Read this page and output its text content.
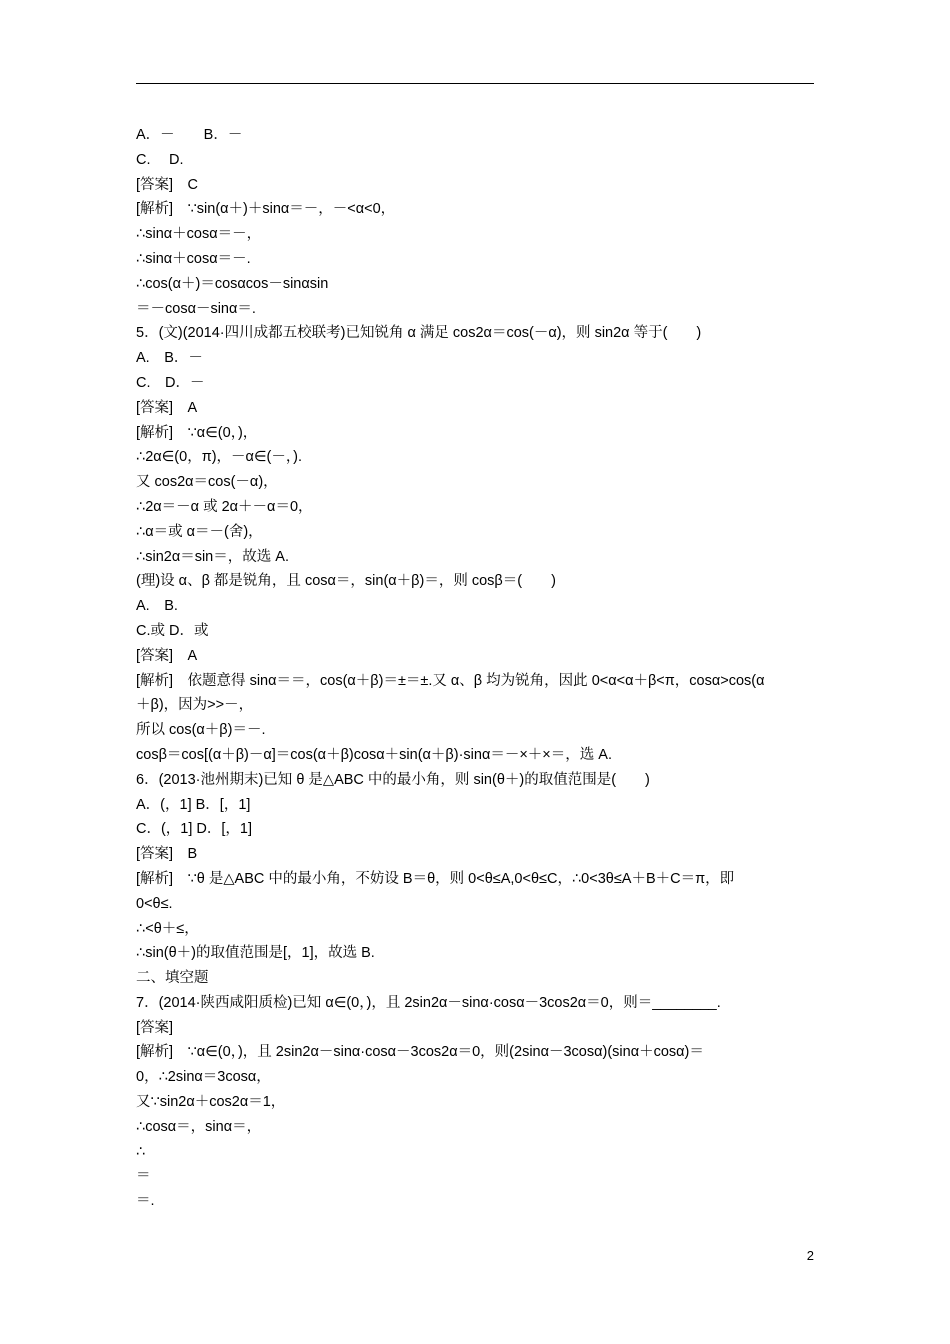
A．－　　B．－

C.　 D.

[答案]　C

[解析]　∵sin(α＋)＋sinα＝－，－<α<0，

∴sinα＋cosα＝－，

∴sinα＋cosα＝－.

∴cos(α＋)＝cosαcos－sinαsin

＝－cosα－sinα＝.

5．(文)(2014·四川成都五校联考)已知锐角 α 满足 cos2α＝cos(－α)，则 sin2α 等于(　　)

A.　B．－

C.　D．－

[答案]　A

[解析]　∵α∈(0，)，

∴2α∈(0，π)，－α∈(－，).

又 cos2α＝cos(－α)，

∴2α＝－α 或 2α＋－α＝0，

∴α＝或 α＝－(舍)，

∴sin2α＝sin＝，故选 A.

(理)设 α、β 都是锐角，且 cosα＝，sin(α＋β)＝，则 cosβ＝(　　)

A.　B.

C.或 D．或

[答案]　A

[解析]　依题意得 sinα＝＝，cos(α＋β)＝±＝±.又 α、β 均为锐角，因此 0<α<α＋β<π，cosα>cos(α

＋β)，因为>>－，

所以 cos(α＋β)＝－.

cosβ＝cos[(α＋β)－α]＝cos(α＋β)cosα＋sin(α＋β)·sinα＝－×＋×＝，选 A.

6．(2013·池州期末)已知 θ 是△ABC 中的最小角，则 sin(θ＋)的取值范围是(　　)

A．(，1] B．[，1]

C．(，1] D．[，1]

[答案]　B

[解析]　∵θ 是△ABC 中的最小角，不妨设 B＝θ，则 0<θ≤A,0<θ≤C，∴0<3θ≤A＋B＋C＝π，即

0<θ≤.

∴<θ＋≤，

∴sin(θ＋)的取值范围是[，1]，故选 B.

二、填空题

7．(2014·陕西咸阳质检)已知 α∈(0，)，且 2sin2α－sinα·cosα－3cos2α＝0，则＝________.

[答案]

[解析]　∵α∈(0，)，且 2sin2α－sinα·cosα－3cos2α＝0，则(2sinα－3cosα)(sinα＋cosα)＝

0，∴2sinα＝3cosα，

又∵sin2α＋cos2α＝1，

∴cosα＝，sinα＝，

∴

＝

＝.

2
